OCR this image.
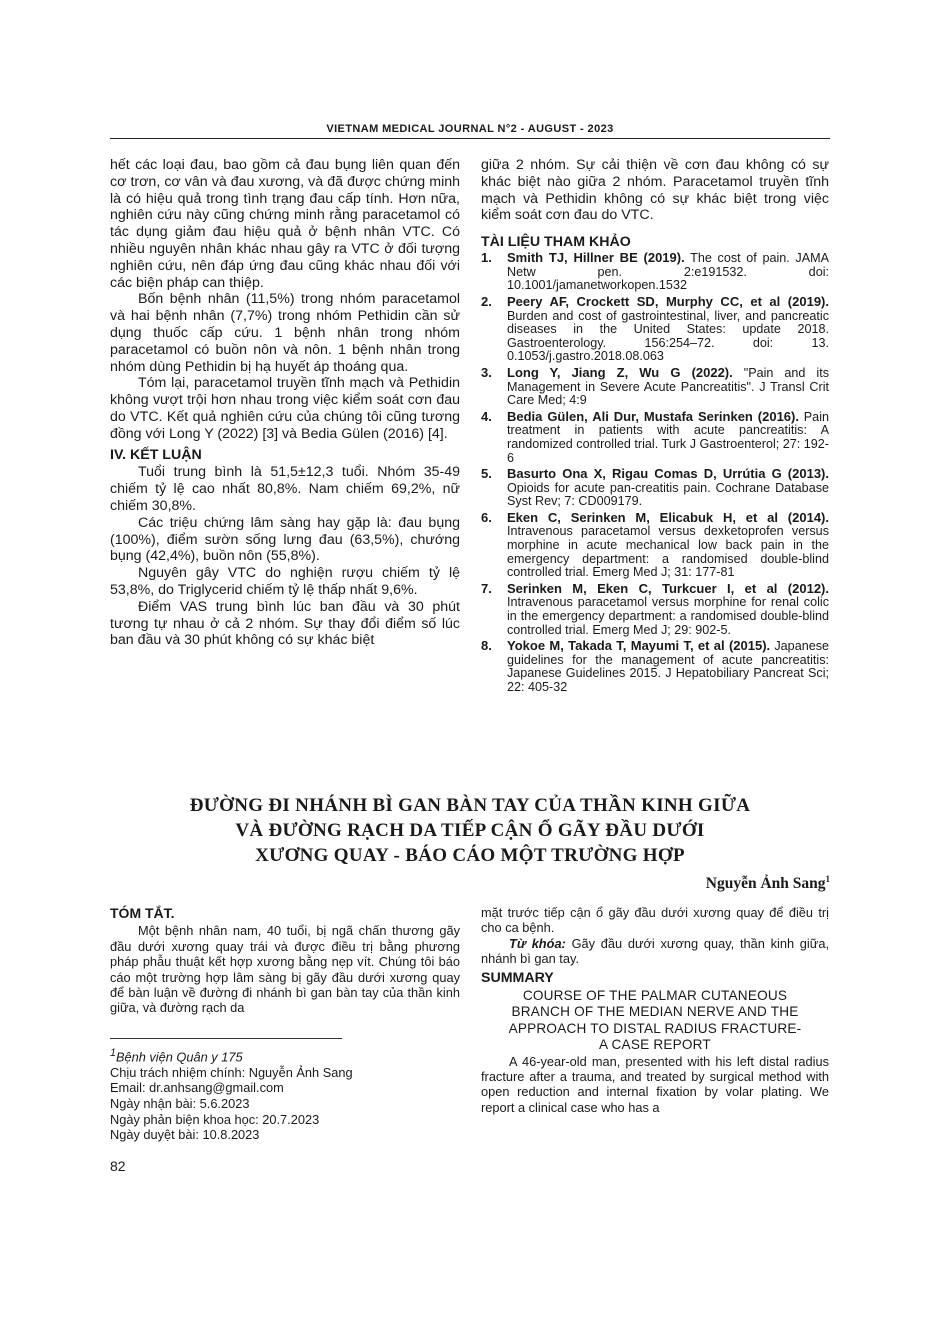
VIETNAM MEDICAL JOURNAL N°2 - AUGUST - 2023

hết các loại đau, bao gồm cả đau bụng liên quan đến cơ trơn, cơ vân và đau xương, và đã được chứng minh là có hiệu quả trong tình trạng đau cấp tính. Hơn nữa, nghiên cứu này cũng chứng minh rằng paracetamol có tác dụng giảm đau hiệu quả ở bệnh nhân VTC. Có nhiều nguyên nhân khác nhau gây ra VTC ở đối tượng nghiên cứu, nên đáp ứng đau cũng khác nhau đối với các biện pháp can thiệp.

Bốn bệnh nhân (11,5%) trong nhóm paracetamol và hai bệnh nhân (7,7%) trong nhóm Pethidin cần sử dụng thuốc cấp cứu. 1 bệnh nhân trong nhóm paracetamol có buồn nôn và nôn. 1 bệnh nhân trong nhóm dùng Pethidin bị hạ huyết áp thoáng qua.

Tóm lại, paracetamol truyền tĩnh mạch và Pethidin không vượt trội hơn nhau trong việc kiểm soát cơn đau do VTC. Kết quả nghiên cứu của chúng tôi cũng tương đồng với Long Y (2022) [3] và Bedia Gülen (2016) [4].

IV. KẾT LUẬN

Tuổi trung bình là 51,5±12,3 tuổi. Nhóm 35-49 chiếm tỷ lệ cao nhất 80,8%. Nam chiếm 69,2%, nữ chiếm 30,8%.

Các triệu chứng lâm sàng hay gặp là: đau bụng (100%), điểm sườn sống lưng đau (63,5%), chướng bụng (42,4%), buồn nôn (55,8%).

Nguyên gây VTC do nghiện rượu chiếm tỷ lệ 53,8%, do Triglycerid chiếm tỷ lệ thấp nhất 9,6%.

Điểm VAS trung bình lúc ban đầu và 30 phút tương tự nhau ở cả 2 nhóm. Sự thay đổi điểm số lúc ban đầu và 30 phút không có sự khác biệt

giữa 2 nhóm. Sự cải thiện về cơn đau không có sự khác biệt nào giữa 2 nhóm. Paracetamol truyền tĩnh mạch và Pethidin không có sự khác biệt trong việc kiểm soát cơn đau do VTC.

TÀI LIỆU THAM KHẢO
1.	Smith TJ, Hillner BE (2019). The cost of pain. JAMA Netw pen. 2:e191532. doi: 10.1001/jamanetworkopen.1532
2.	Peery AF, Crockett SD, Murphy CC, et al (2019). Burden and cost of gastrointestinal, liver, and pancreatic diseases in the United States: update 2018. Gastroenterology. 156:254–72. doi: 13. 0.1053/j.gastro.2018.08.063
3.	Long Y, Jiang Z, Wu G (2022). "Pain and its Management in Severe Acute Pancreatitis". J Transl Crit Care Med; 4:9
4.	Bedia Gülen, Ali Dur, Mustafa Serinken (2016). Pain treatment in patients with acute pancreatitis: A randomized controlled trial. Turk J Gastroenterol; 27: 192-6
5.	Basurto Ona X, Rigau Comas D, Urrútia G (2013). Opioids for acute pan-creatitis pain. Cochrane Database Syst Rev; 7: CD009179.
6.	Eken C, Serinken M, Elicabuk H, et al (2014). Intravenous paracetamol versus dexketoprofen versus morphine in acute mechanical low back pain in the emergency department: a randomised double-blind controlled trial. Emerg Med J; 31: 177-81
7.	Serinken M, Eken C, Turkcuer I, et al (2012). Intravenous paracetamol versus morphine for renal colic in the emergency department: a randomised double-blind controlled trial. Emerg Med J; 29: 902-5.
8.	Yokoe M, Takada T, Mayumi T, et al (2015). Japanese guidelines for the management of acute pancreatitis: Japanese Guidelines 2015. J Hepatobiliary Pancreat Sci; 22: 405-32
ĐƯỜNG ĐI NHÁNH BÌ GAN BÀN TAY CỦA THẦN KINH GIỮA
VÀ ĐƯỜNG RẠCH DA TIẾP CẬN Ổ GÃY ĐẦU DƯỚI
XƯƠNG QUAY - BÁO CÁO MỘT TRƯỜNG HỢP
Nguyễn Ảnh Sang$^1$
TÓM TẮT.

Một bệnh nhân nam, 40 tuổi, bị ngã chấn thương gãy đầu dưới xương quay trái và được điều trị bằng phương pháp phẫu thuật kết hợp xương bằng nẹp vít. Chúng tôi báo cáo một trường hợp lâm sàng bị gãy đầu dưới xương quay để bàn luận về đường đi nhánh bì gan bàn tay của thần kinh giữa, và đường rạch da

$^1$Bệnh viện Quân y 175
Chịu trách nhiệm chính: Nguyễn Ảnh Sang
Email: dr.anhsang@gmail.com
Ngày nhận bài: 5.6.2023
Ngày phản biện khoa học: 20.7.2023
Ngày duyệt bài: 10.8.2023
82

mặt trước tiếp cận ổ gãy đầu dưới xương quay để điều trị cho ca bệnh.

Từ khóa: Gãy đầu dưới xương quay, thần kinh giữa, nhánh bì gan tay.

SUMMARY
COURSE OF THE PALMAR CUTANEOUS
BRANCH OF THE MEDIAN NERVE AND THE
APPROACH TO DISTAL RADIUS FRACTURE-
A CASE REPORT

A 46-year-old man, presented with his left distal radius fracture after a trauma, and treated by surgical method with open reduction and internal fixation by volar plating. We report a clinical case who has a
